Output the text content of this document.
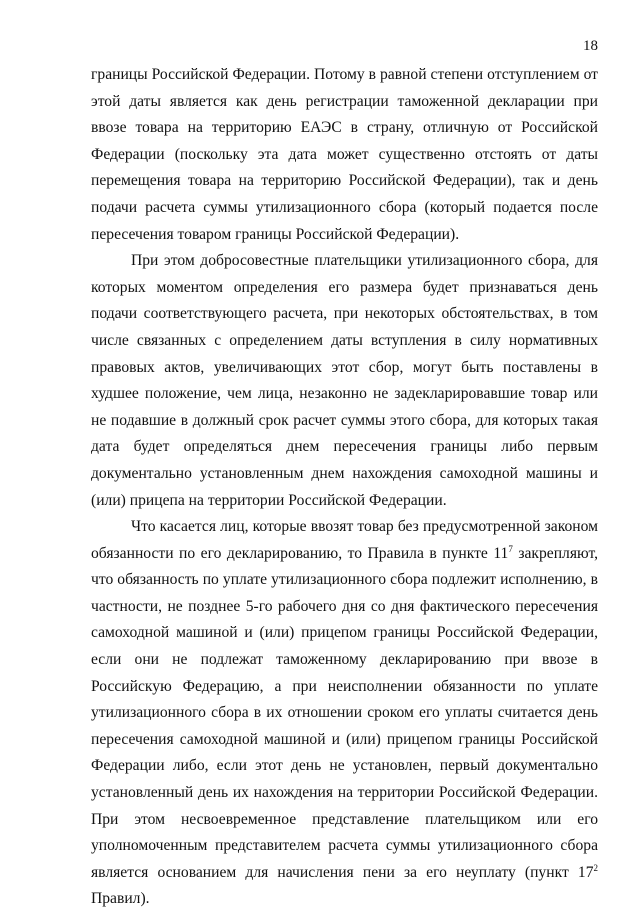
18

границы Российской Федерации. Потому в равной степени отступлением от этой даты является как день регистрации таможенной декларации при ввозе товара на территорию ЕАЭС в страну, отличную от Российской Федерации (поскольку эта дата может существенно отстоять от даты перемещения товара на территорию Российской Федерации), так и день подачи расчета суммы утилизационного сбора (который подается после пересечения товаром границы Российской Федерации).

При этом добросовестные плательщики утилизационного сбора, для которых моментом определения его размера будет признаваться день подачи соответствующего расчета, при некоторых обстоятельствах, в том числе связанных с определением даты вступления в силу нормативных правовых актов, увеличивающих этот сбор, могут быть поставлены в худшее положение, чем лица, незаконно не задекларировавшие товар или не подавшие в должный срок расчет суммы этого сбора, для которых такая дата будет определяться днем пересечения границы либо первым документально установленным днем нахождения самоходной машины и (или) прицепа на территории Российской Федерации.

Что касается лиц, которые ввозят товар без предусмотренной законом обязанности по его декларированию, то Правила в пункте $11^7$ закрепляют, что обязанность по уплате утилизационного сбора подлежит исполнению, в частности, не позднее 5-го рабочего дня со дня фактического пересечения самоходной машиной и (или) прицепом границы Российской Федерации, если они не подлежат таможенному декларированию при ввозе в Российскую Федерацию, а при неисполнении обязанности по уплате утилизационного сбора в их отношении сроком его уплаты считается день пересечения самоходной машиной и (или) прицепом границы Российской Федерации либо, если этот день не установлен, первый документально установленный день их нахождения на территории Российской Федерации. При этом несвоевременное представление плательщиком или его уполномоченным представителем расчета суммы утилизационного сбора является основанием для начисления пени за его неуплату (пункт $17^2$ Правил).
